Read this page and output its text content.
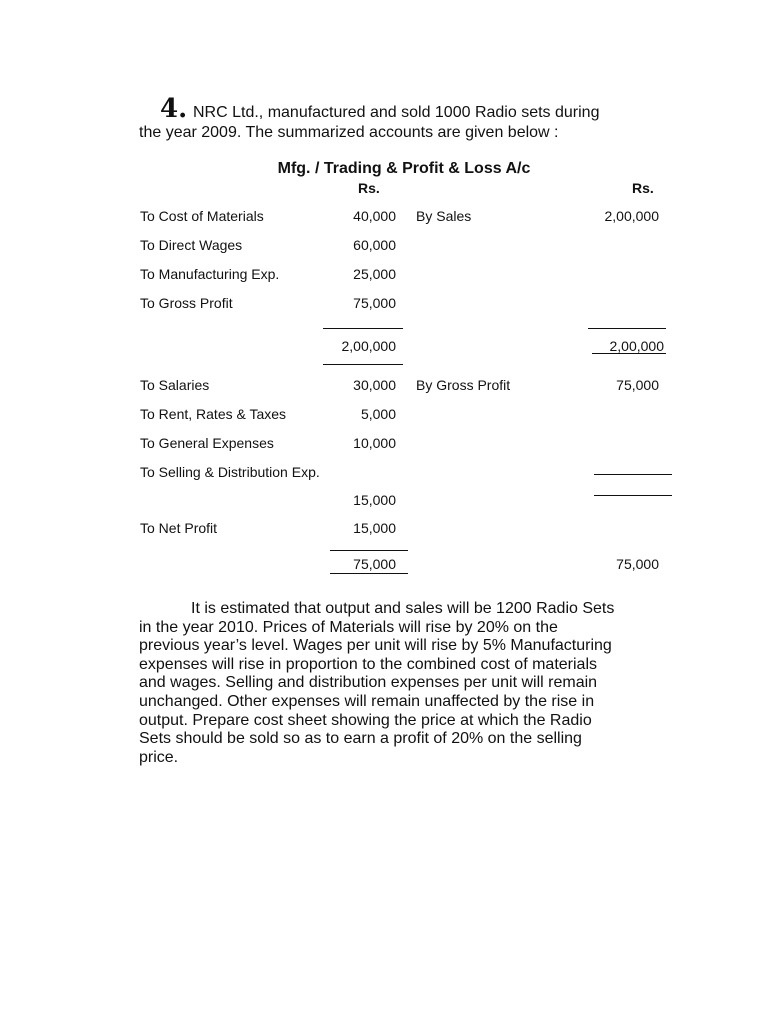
4. NRC Ltd., manufactured and sold 1000 Radio sets during
the year 2009. The summarized accounts are given below :

Mfg. / Trading & Profit & Loss A/c
Rs.	Rs.
To Cost of Materials	40,000 By Sales	2,00,000
To Direct Wages	60,000
To Manufacturing Exp.	25,000
To Gross Profit	75,000
2,00,000	2,00,000
To Salaries	30,000 By Gross Profit	75,000
To Rent, Rates & Taxes	5,000
To General Expenses	10,000
To Selling & Distribution Exp.
15,000
To Net Profit	15,000
75,000	75,000

It is estimated that output and sales will be 1200 Radio Sets
in the year 2010. Prices of Materials will rise by 20% on the
previous year’s level. Wages per unit will rise by 5% Manufacturing
expenses will rise in proportion to the combined cost of materials
and wages. Selling and distribution expenses per unit will remain
unchanged. Other expenses will remain unaffected by the rise in
output. Prepare cost sheet showing the price at which the Radio
Sets should be sold so as to earn a profit of 20% on the selling
price.
